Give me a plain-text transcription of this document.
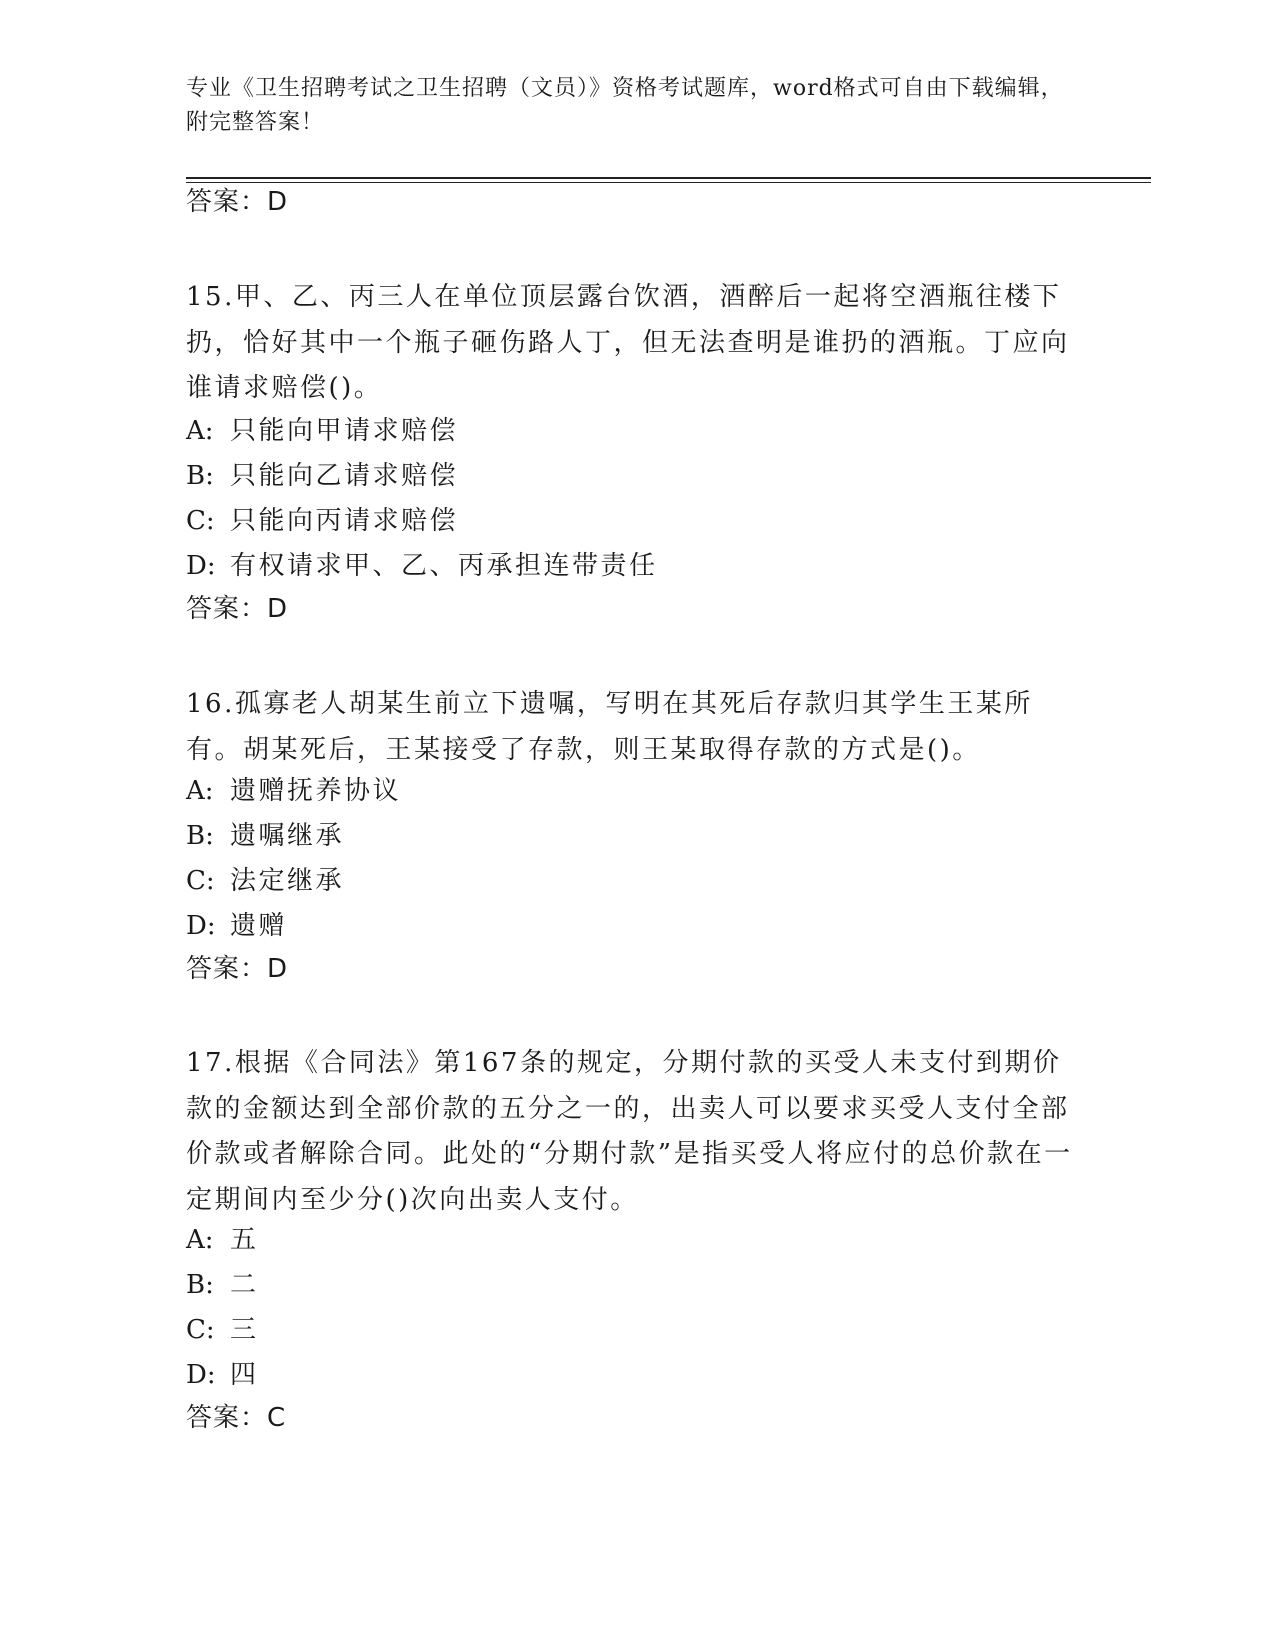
专业《卫生招聘考试之卫生招聘（文员）》资格考试题库，word格式可自由下载编辑，附完整答案！
答案：D
15.甲、乙、丙三人在单位顶层露台饮酒，酒醉后一起将空酒瓶往楼下扔，恰好其中一个瓶子砸伤路人丁，但无法查明是谁扔的酒瓶。丁应向谁请求赔偿()。
A: 只能向甲请求赔偿
B: 只能向乙请求赔偿
C: 只能向丙请求赔偿
D: 有权请求甲、乙、丙承担连带责任
答案：D
16.孤寡老人胡某生前立下遗嘱，写明在其死后存款归其学生王某所有。胡某死后，王某接受了存款，则王某取得存款的方式是()。
A: 遗赠抚养协议
B: 遗嘱继承
C: 法定继承
D: 遗赠
答案：D
17.根据《合同法》第167条的规定，分期付款的买受人未支付到期价款的金额达到全部价款的五分之一的，出卖人可以要求买受人支付全部价款或者解除合同。此处的“分期付款”是指买受人将应付的总价款在一定期间内至少分()次向出卖人支付。
A: 五
B: 二
C: 三
D: 四
答案：C
